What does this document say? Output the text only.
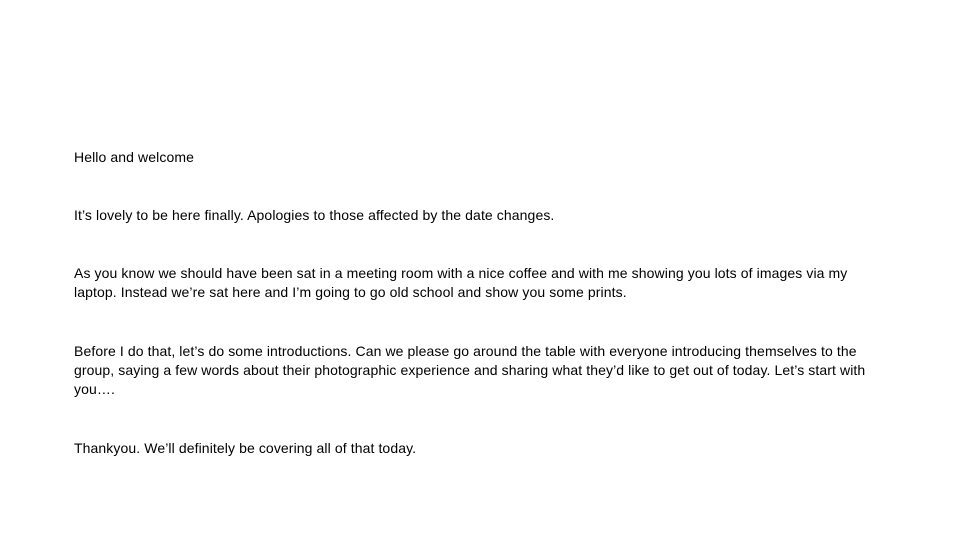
Hello and welcome

It’s lovely to be here finally. Apologies to those affected by the date changes.

As you know we should have been sat in a meeting room with a nice coffee and with me showing you lots of images via my laptop. Instead we’re sat here and I’m going to go old school and show you some prints.

Before I do that, let’s do some introductions. Can we please go around the table with everyone introducing themselves to the group, saying a few words about their photographic experience and sharing what they’d like to get out of today. Let’s start with you….

Thankyou. We’ll definitely be covering all of that today.
